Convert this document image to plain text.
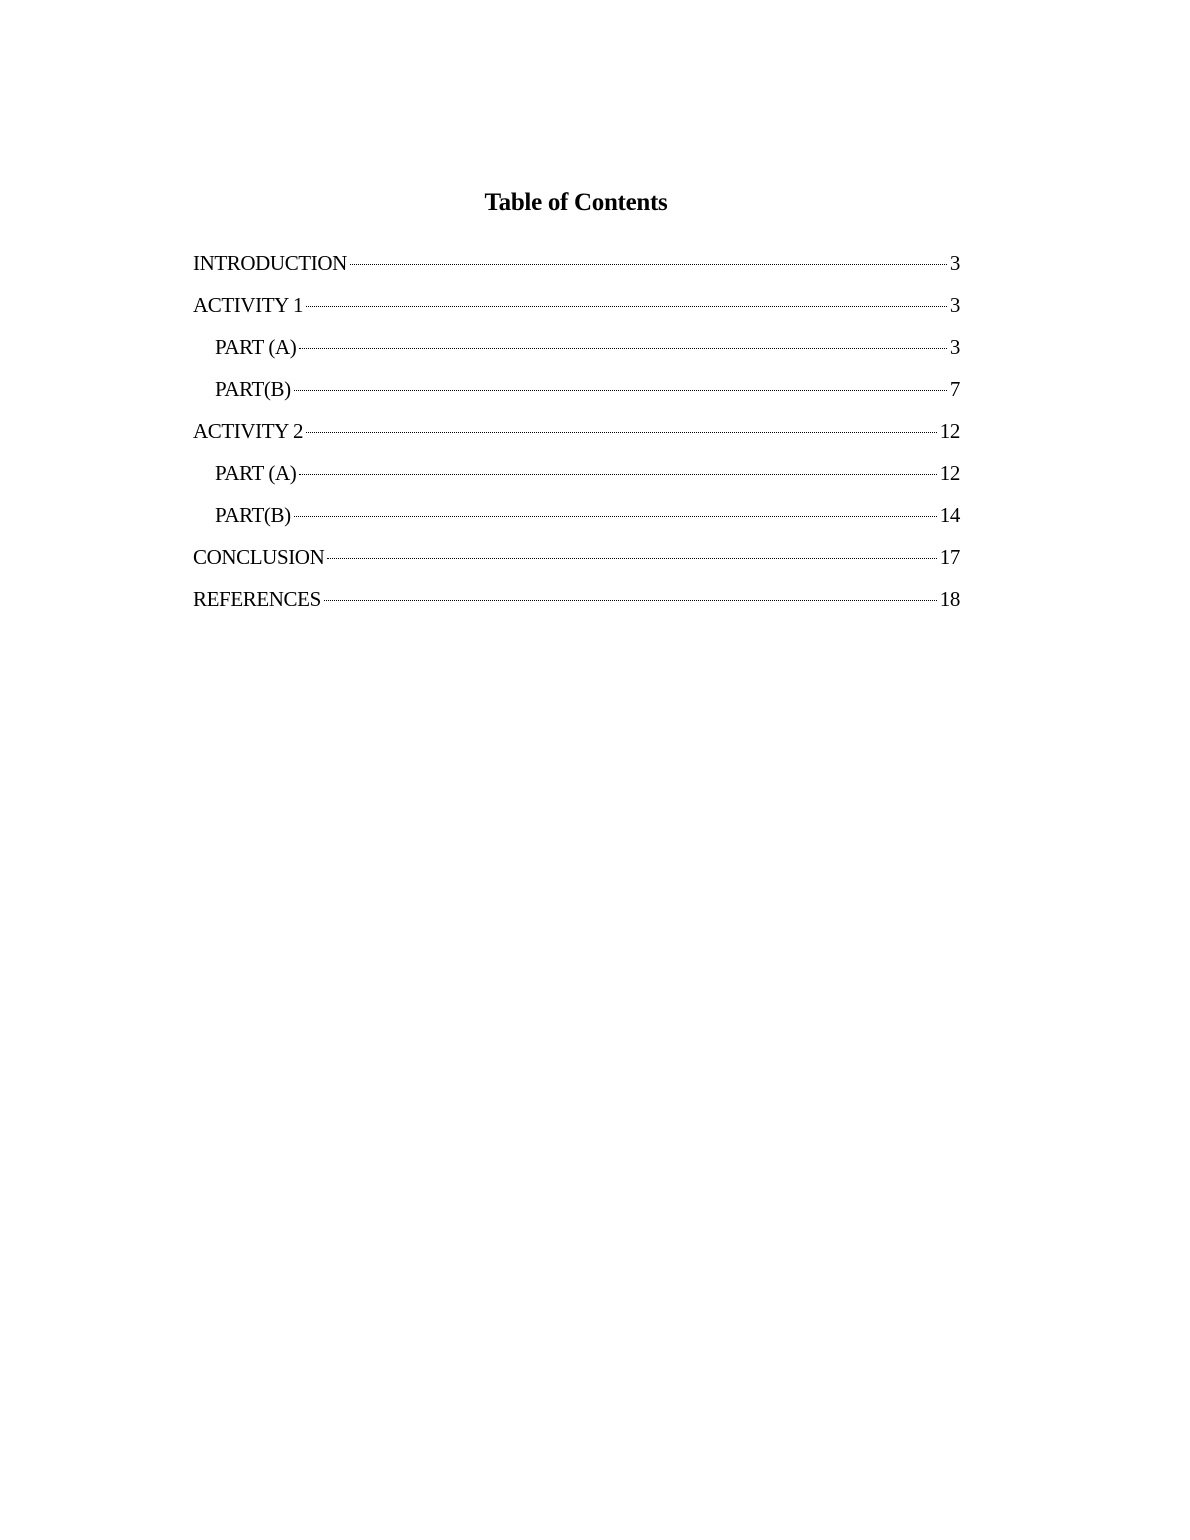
Table of Contents
INTRODUCTION	3
ACTIVITY 1	3
PART (A)	3
PART(B)	7
ACTIVITY 2	12
PART (A)	12
PART(B)	14
CONCLUSION	17
REFERENCES	18
